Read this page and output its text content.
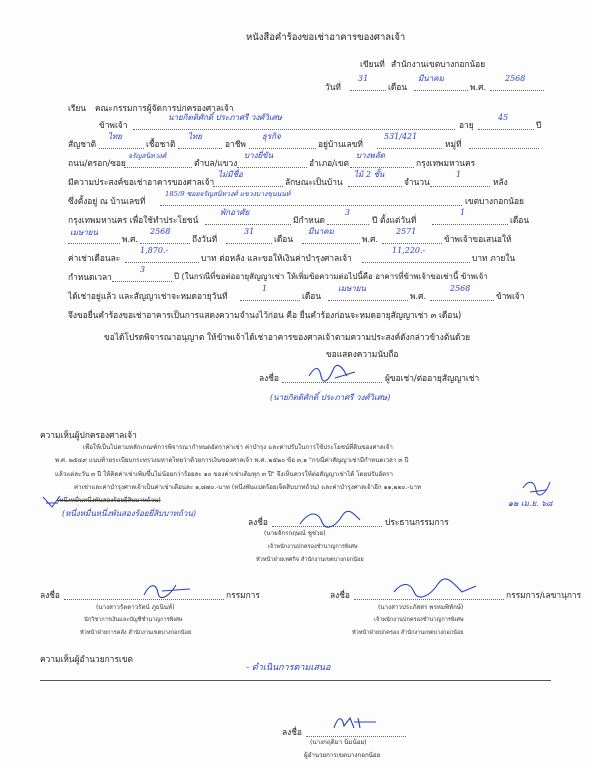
หนังสือคำร้องขอเช่าอาคารของศาลเจ้า
เขียนที่ สำนักงานเขตบางกอกน้อย
วันที่
31
เดือน
มีนาคม
พ.ศ.
2568
เรียน คณะกรรมการผู้จัดการปกครองศาลเจ้า
ข้าพเจ้า
นายกิตติศักดิ์ ประภาศรี วงศ์วิเศษ
อายุ
45
ปี
สัญชาติ
ไทย
เชื้อชาติ
ไทย
อาชีพ
ธุรกิจ
อยู่บ้านเลขที่
531/421
หมู่ที่
ถนน/ตรอก/ซอย
จรัญสนิทวงศ์
ตำบล/แขวง
บางยี่ขัน
อำเภอ/เขต
บางพลัด
กรุงเทพมหานคร
มีความประสงค์ขอเช่าอาคารของศาลเจ้า
ไม่มีชื่อ
ลักษณะเป็นบ้าน
ไม้ 2 ชั้น
จำนวน
1
หลัง
ซึ่งตั้งอยู่ ณ บ้านเลขที่
185/9 ซอยจรัญสนิทวงศ์ แขวงบางขุนนนท์
เขตบางกอกน้อย
กรุงเทพมหานคร เพื่อใช้ทำประโยชน์
พักอาศัย
มีกำหนด
3
ปี ตั้งแต่วันที่
1
เดือน
เมษายน
พ.ศ.
2568
ถึงวันที่
31
เดือน
มีนาคม
พ.ศ.
2571
ข้าพเจ้าขอเสนอให้
ค่าเช่าเดือนละ
1,870.-
บาท ต่อหลัง และขอให้เงินค่าบำรุงศาลเจ้า
11,220.-
บาท ภายใน
กำหนดเวลา
3
ปี (ในกรณีที่ขอต่ออายุสัญญาเช่า ให้เพิ่มข้อความต่อไปนี้คือ อาคารที่ข้าพเจ้าขอเช่านี้ ข้าพเจ้า
ได้เช่าอยู่แล้ว และสัญญาเช่าจะหมดอายุวันที่
1
เดือน
เมษายน
พ.ศ.
2568
ข้าพเจ้า
จึงขอยื่นคำร้องขอเช่าอาคารเป็นการแสดงความจำนงไว้ก่อน คือ ยื่นคำร้องก่อนจะหมดอายุสัญญาเช่า ๓ เดือน)
ขอได้โปรดพิจารณาอนุญาต ให้ข้าพเจ้าได้เช่าอาคารของศาลเจ้าตามความประสงค์ดังกล่าวข้างต้นด้วย
ขอแสดงความนับถือ
ลงชื่อ	ผู้ขอเช่า/ต่ออายุสัญญาเช่า
(นายกิตติศักดิ์ ประภาศรี วงศ์วิเศษ)
ความเห็นผู้ปกครองศาลเจ้า
เพื่อให้เป็นไปตามหลักเกณฑ์การพิจารณากำหนดอัตราค่าเช่า ค่าบำรุง และค่าปรับในการใช้ประโยชน์ที่ดินของศาลเจ้า
พ.ศ. ๒๕๔๙ แนบท้ายระเบียบกระทรวงมหาดไทยว่าด้วยการเงินของศาลเจ้า พ.ศ. ๒๕๒๐ ข้อ ๓.๑ "กรณีค่าสัญญาเช่ามีกำหนดเวลา ๓ ปี
แล้วแต่ละวัน ๓ ปี ให้คิดค่าเช่าเพิ่มขึ้นไม่น้อยกว่าร้อยละ ๑๐ ของค่าเช่าเดิมทุก ๓ ปี" จึงเห็นควรให้ต่อสัญญาเช่าได้ โดยปรับอัตรา
ค่าเช่าและค่าบำรุงศาลเจ้าเป็นค่าเช่าเดือนละ ๑,๘๗๐.-บาท (หนึ่งพันแปดร้อยเจ็ดสิบบาทถ้วน) และค่าบำรุงศาลเจ้าอีก ๑๑,๒๒๐.-บาท
(หนึ่งหมื่นหนึ่งพันสองร้อยยี่สิบบาทถ้วน)
(หนึ่งหมื่นหนึ่งพันสองร้อยยี่สิบบาทถ้วน)
๑๒ เม.ย. ๖๘
ลงชื่อ	ประธานกรรมการ
(นายจักรกฤษณ์ ชูช่วย)
เจ้าพนักงานปกครองชำนาญการพิเศษ
หัวหน้าฝ่ายเทศกิจ สำนักงานเขตบางกอกน้อย
ลงชื่อ	กรรมการ
(นางสาวรัตดาวรัตน์ ภูธนินท์)
นักวิชาการเงินและบัญชีชำนาญการพิเศษ
หัวหน้าฝ่ายการคลัง สำนักงานเขตบางกอกน้อย
ลงชื่อ	กรรมการ/เลขานุการ
(นางสาวประภัสสร พรหมพิทักษ์)
เจ้าพนักงานปกครองชำนาญการพิเศษ
หัวหน้าฝ่ายปกครอง สำนักงานเขตบางกอกน้อย
ความเห็นผู้อำนวยการเขต
- ดำเนินการตามเสนอ
ลงชื่อ
(นางกฤติมา นิ่มน้อย)
ผู้อำนวยการเขตบางกอกน้อย
